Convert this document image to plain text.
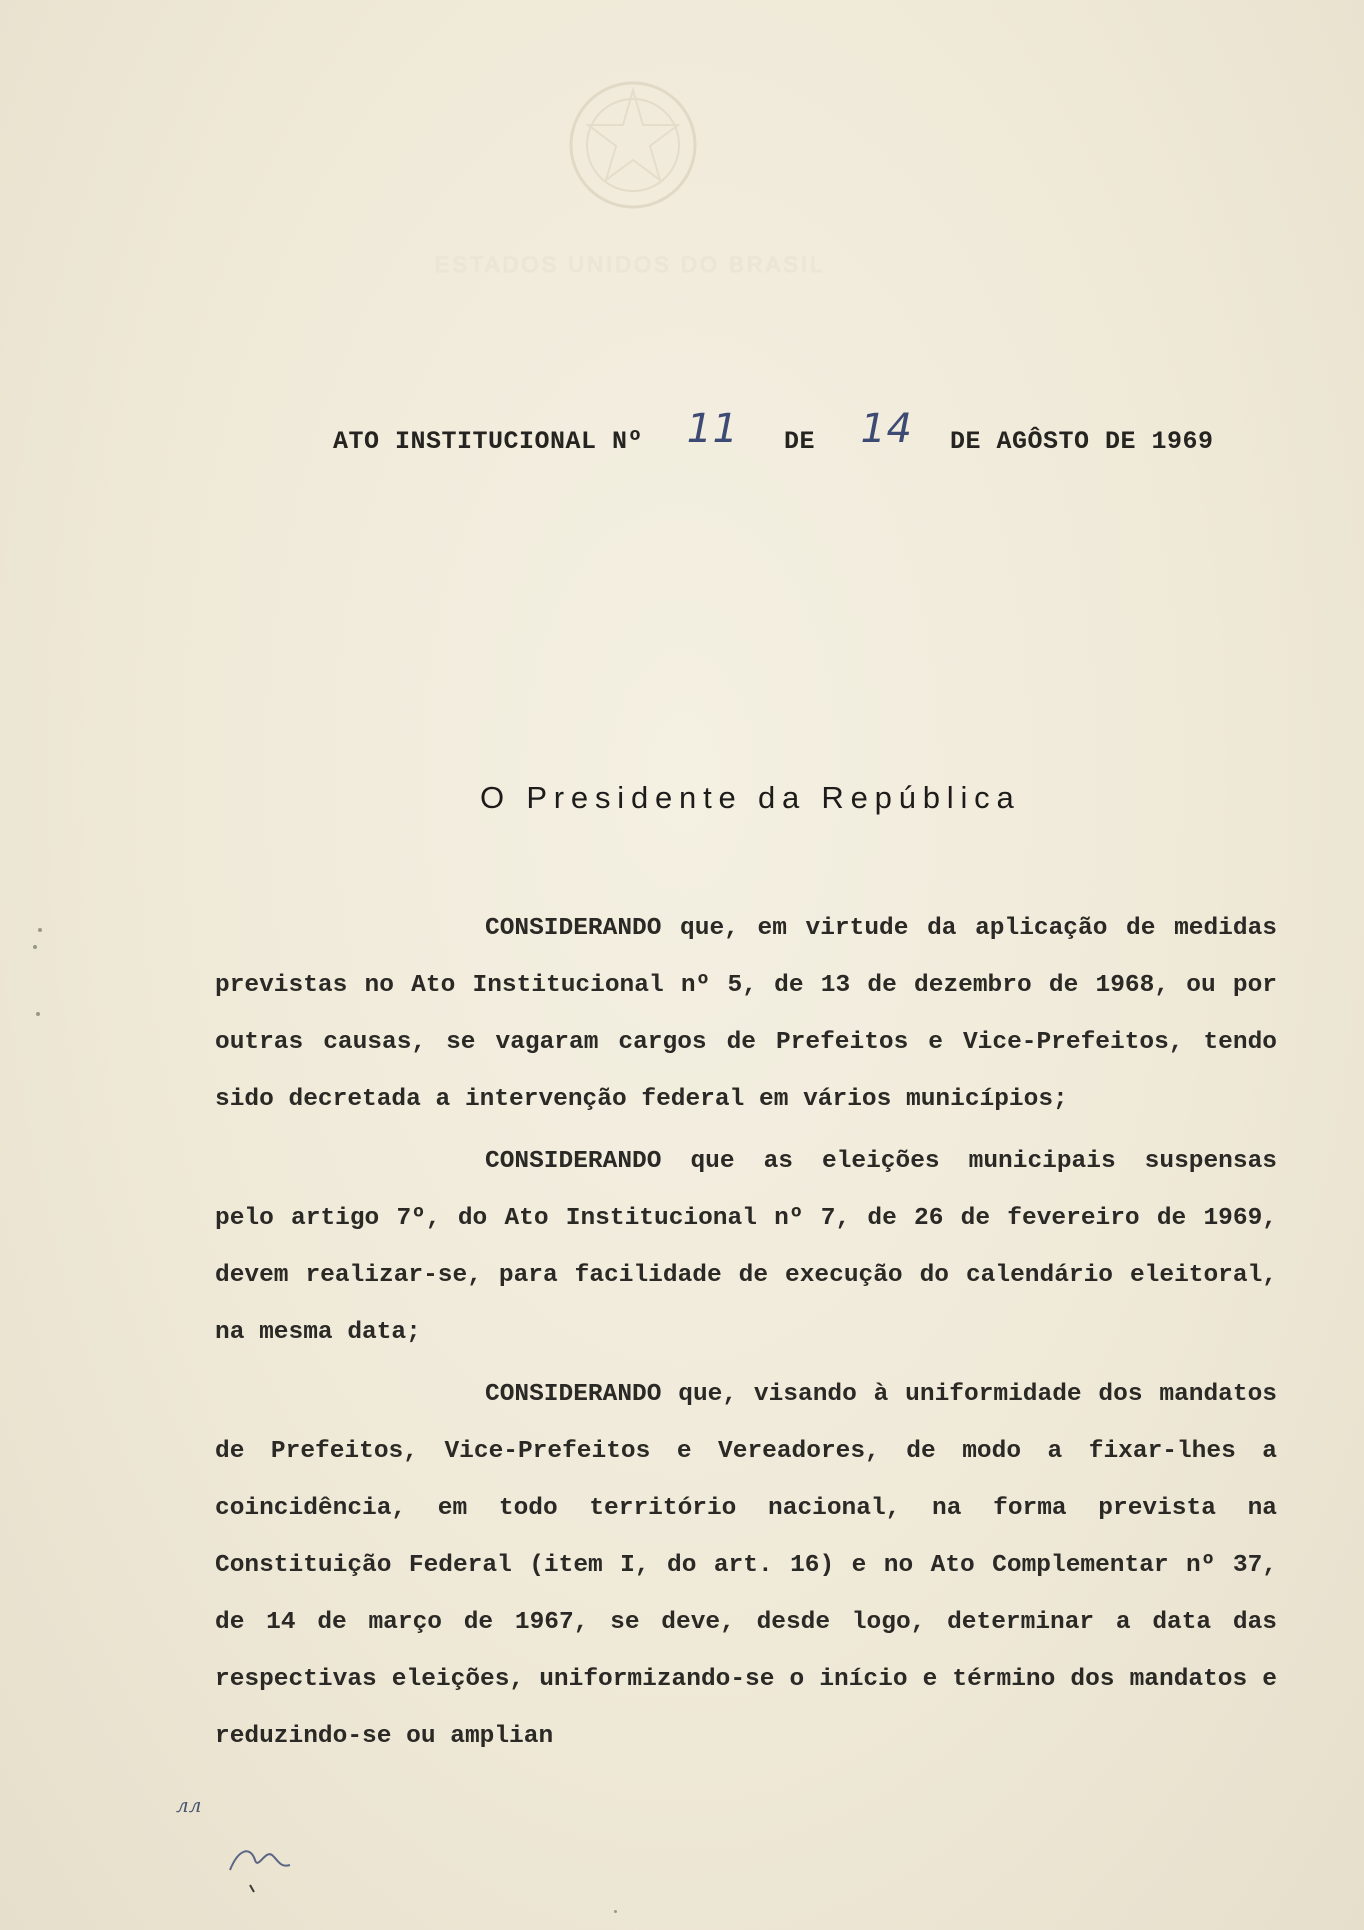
ESTADOS UNIDOS DO BRASIL
ATO INSTITUCIONAL Nº 11 DE 14 DE AGÔSTO DE 1969
O Presidente da República

CONSIDERANDO que, em virtude da aplicação de medidas previstas no Ato Institucional nº 5, de 13 de dezembro de 1968, ou por outras causas, se vagaram cargos de Prefeitos e Vice-Prefeitos, tendo sido decretada a intervenção federal em vários municípios;

CONSIDERANDO que as eleições municipais suspensas pelo artigo 7º, do Ato Institucional nº 7, de 26 de fevereiro de 1969, devem realizar-se, para facilidade de execução do calendário eleitoral, na mesma data;

CONSIDERANDO que, visando à uniformidade dos mandatos de Prefeitos, Vice-Prefeitos e Vereadores, de modo a fixar-lhes a coincidência, em todo território nacional, na forma prevista na Constituição Federal (item I, do art. 16) e no Ato Complementar nº 37, de 14 de março de 1967, se deve, desde logo, determinar a data das respectivas eleições, uniformizando-se o início e término dos mandatos e reduzindo-se ou amplian

лл
